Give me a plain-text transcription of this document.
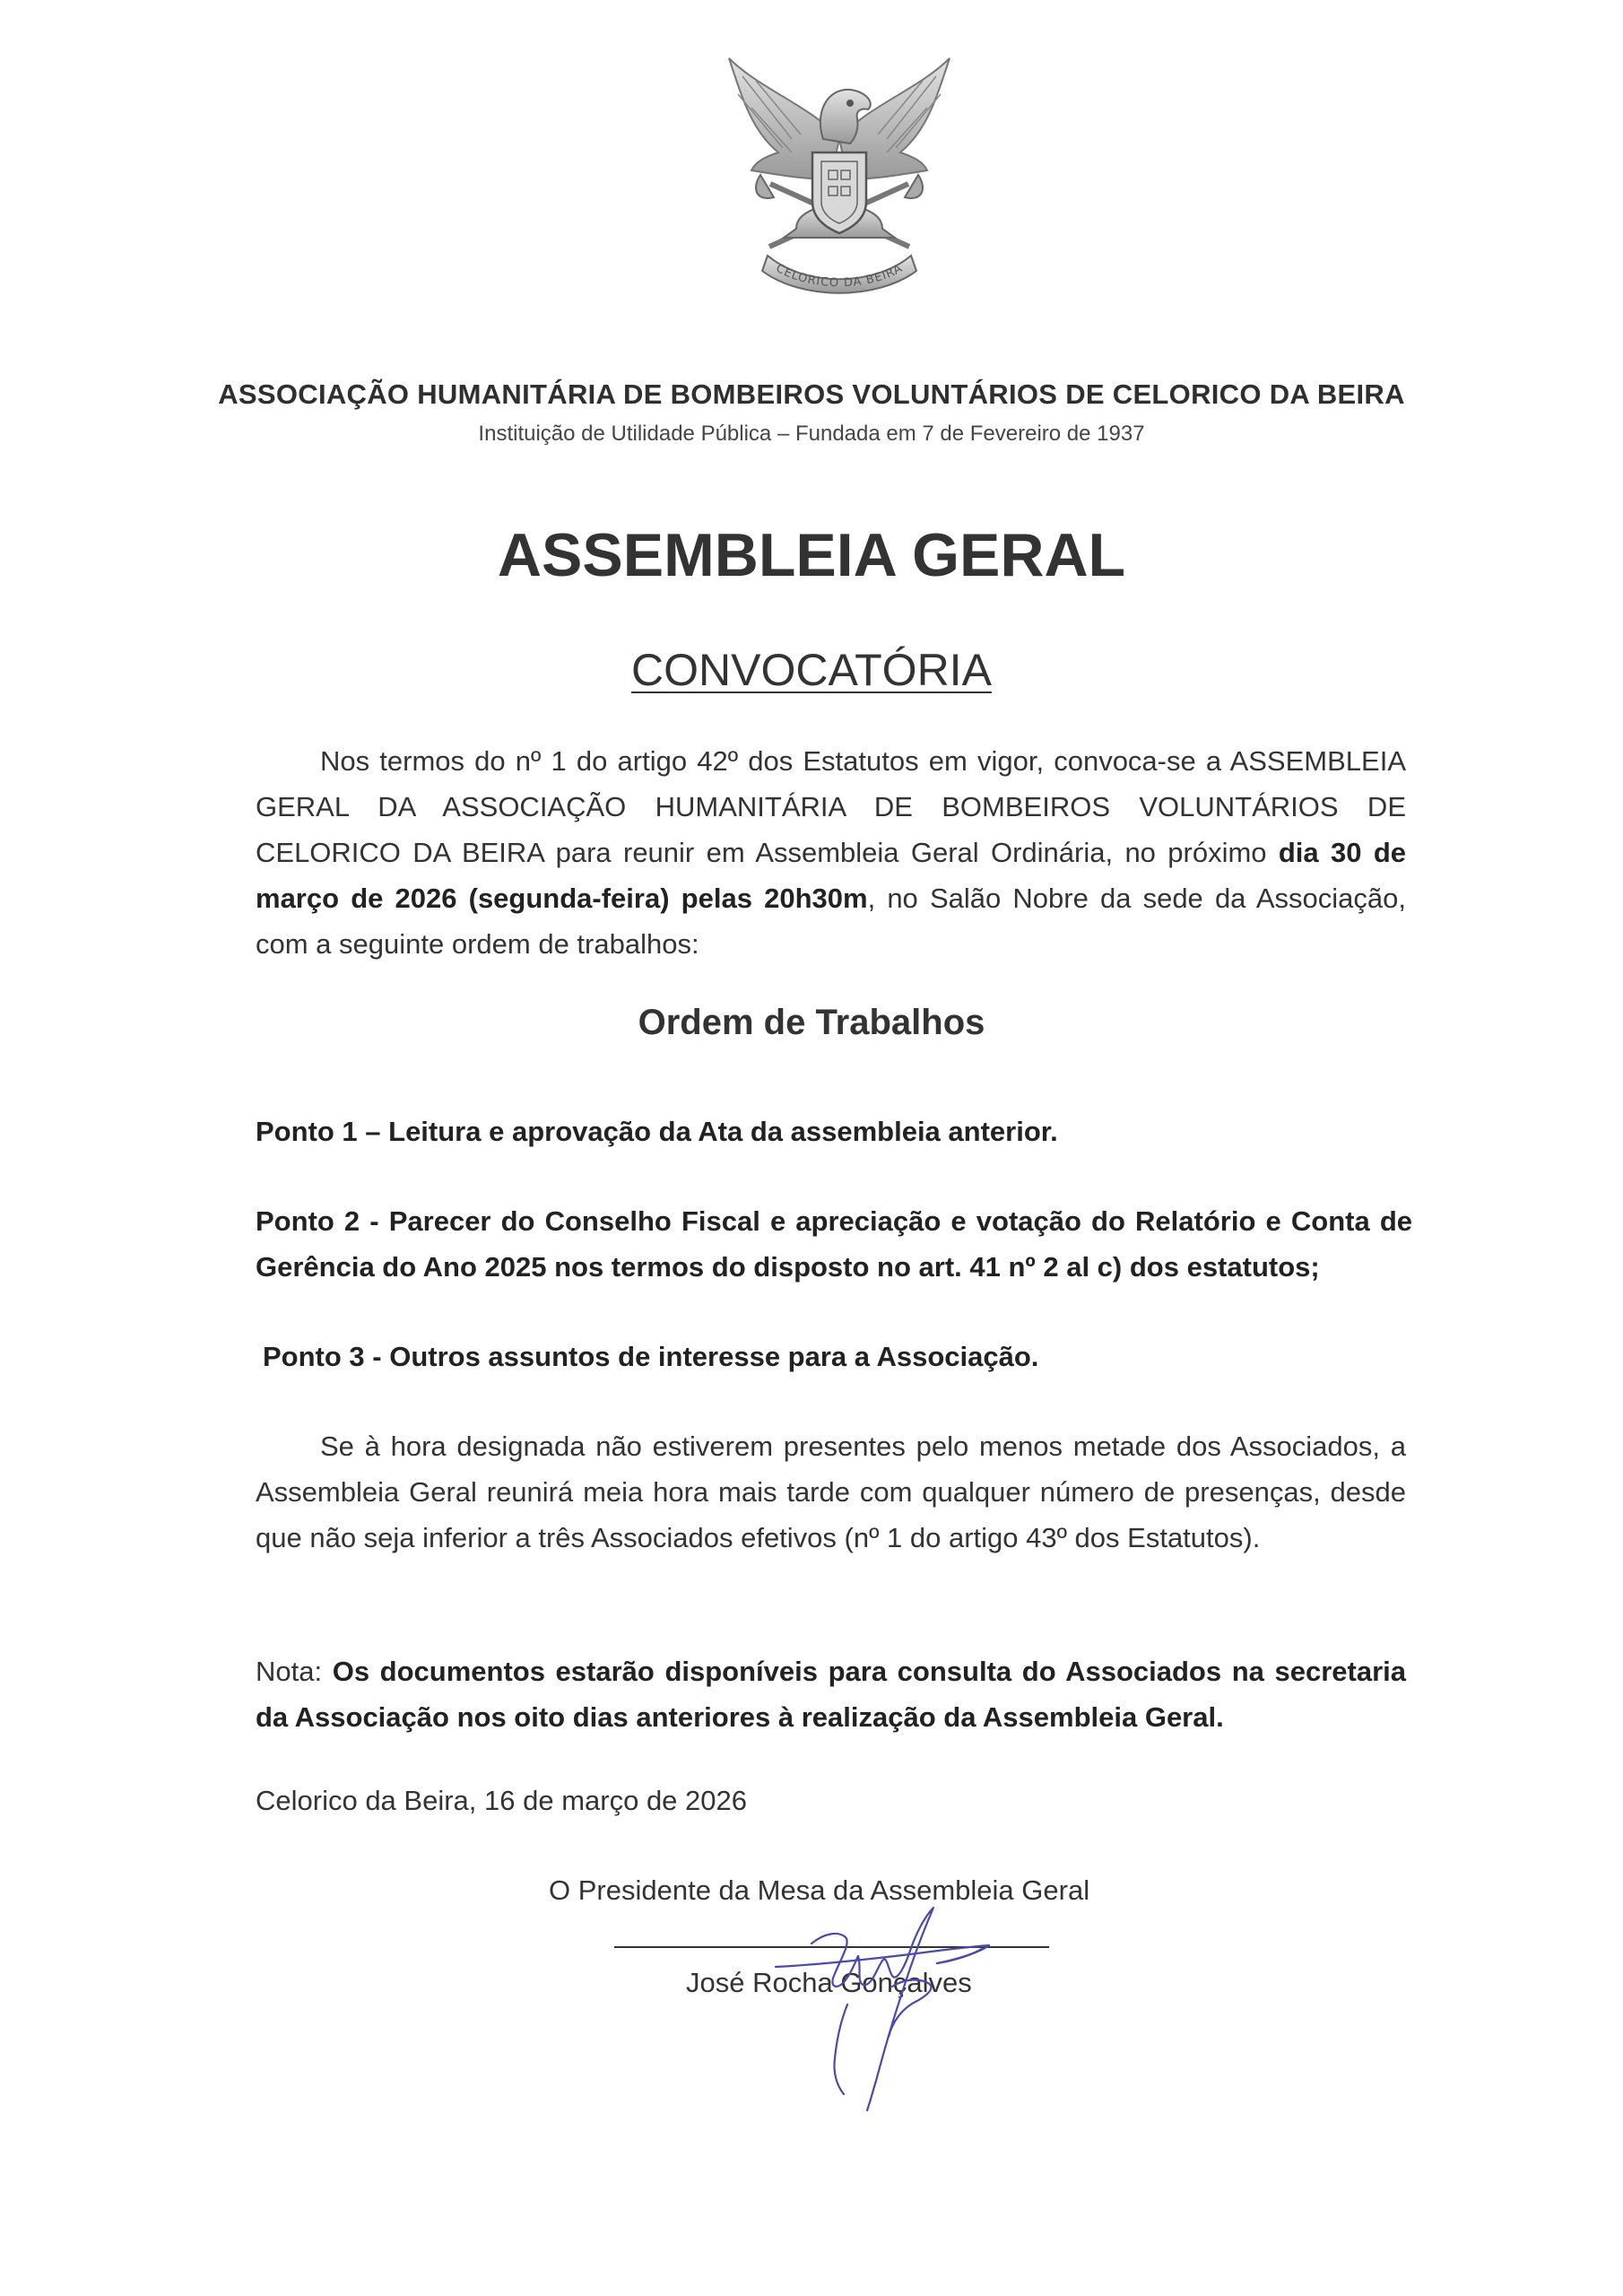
CELORICO DA BEIRA
ASSOCIAÇÃO HUMANITÁRIA DE BOMBEIROS VOLUNTÁRIOS DE CELORICO DA BEIRA
Instituição de Utilidade Pública – Fundada em 7 de Fevereiro de 1937
ASSEMBLEIA GERAL
CONVOCATÓRIA
Nos termos do nº 1 do artigo 42º dos Estatutos em vigor, convoca-se a ASSEMBLEIA GERAL DA ASSOCIAÇÃO HUMANITÁRIA DE BOMBEIROS VOLUNTÁRIOS DE CELORICO DA BEIRA para reunir em Assembleia Geral Ordinária, no próximo dia 30 de março de 2026 (segunda-feira) pelas 20h30m, no Salão Nobre da sede da Associação, com a seguinte ordem de trabalhos:
Ordem de Trabalhos
Ponto 1 – Leitura e aprovação da Ata da assembleia anterior.
Ponto 2 - Parecer do Conselho Fiscal e apreciação e votação do Relatório e Conta de Gerência do Ano 2025 nos termos do disposto no art. 41 nº 2 al c) dos estatutos;
Ponto 3 - Outros assuntos de interesse para a Associação.
Se à hora designada não estiverem presentes pelo menos metade dos Associados, a Assembleia Geral reunirá meia hora mais tarde com qualquer número de presenças, desde que não seja inferior a três Associados efetivos (nº 1 do artigo 43º dos Estatutos).
Nota: Os documentos estarão disponíveis para consulta do Associados na secretaria da Associação nos oito dias anteriores à realização da Assembleia Geral.
Celorico da Beira, 16 de março de 2026
O Presidente da Mesa da Assembleia Geral
José Rocha Gonçalves
